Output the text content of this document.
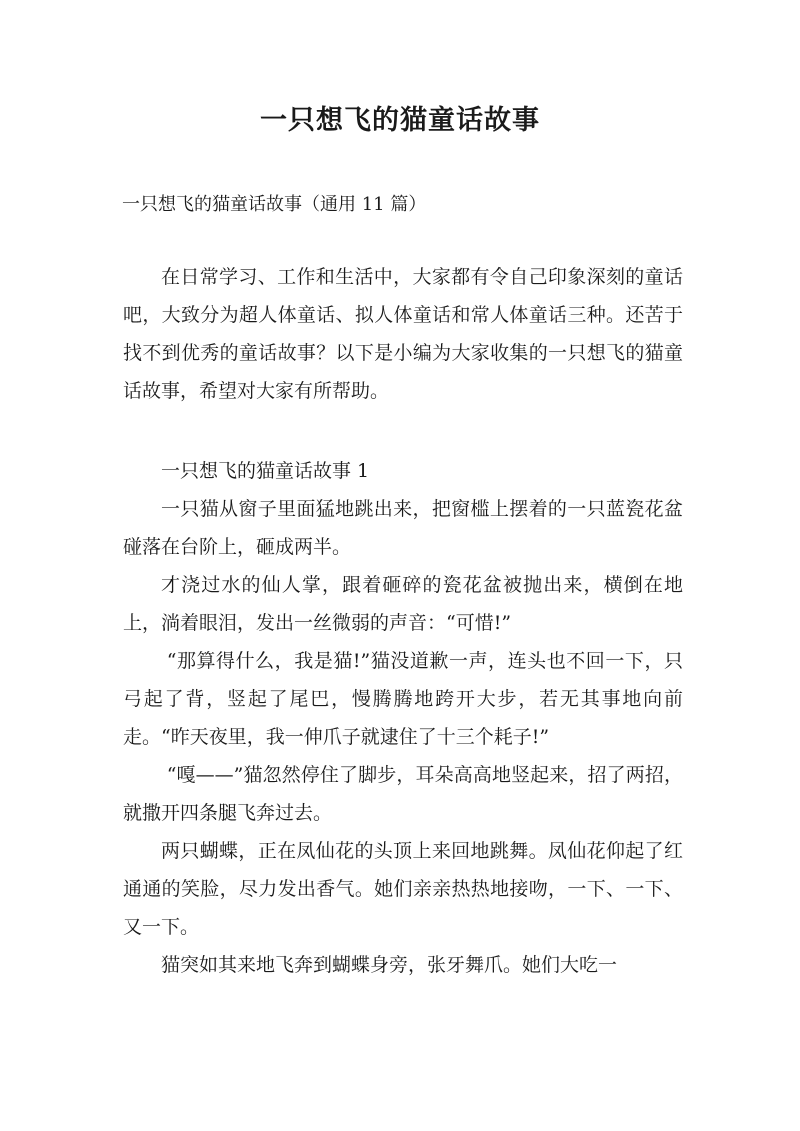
一只想飞的猫童话故事

一只想飞的猫童话故事（通用 11 篇）

在日常学习、工作和生活中，大家都有令自己印象深刻的童话吧，大致分为超人体童话、拟人体童话和常人体童话三种。还苦于找不到优秀的童话故事？以下是小编为大家收集的一只想飞的猫童话故事，希望对大家有所帮助。

一只想飞的猫童话故事 1

一只猫从窗子里面猛地跳出来，把窗槛上摆着的一只蓝瓷花盆碰落在台阶上，砸成两半。

才浇过水的仙人掌，跟着砸碎的瓷花盆被抛出来，横倒在地上，淌着眼泪，发出一丝微弱的声音：“可惜!”

“那算得什么，我是猫!”猫没道歉一声，连头也不回一下，只弓起了背，竖起了尾巴，慢腾腾地跨开大步，若无其事地向前走。“昨天夜里，我一伸爪子就逮住了十三个耗子!”

“嘎——”猫忽然停住了脚步，耳朵高高地竖起来，招了两招，就撒开四条腿飞奔过去。

两只蝴蝶，正在凤仙花的头顶上来回地跳舞。凤仙花仰起了红通通的笑脸，尽力发出香气。她们亲亲热热地接吻，一下、一下、又一下。

猫突如其来地飞奔到蝴蝶身旁，张牙舞爪。她们大吃一
